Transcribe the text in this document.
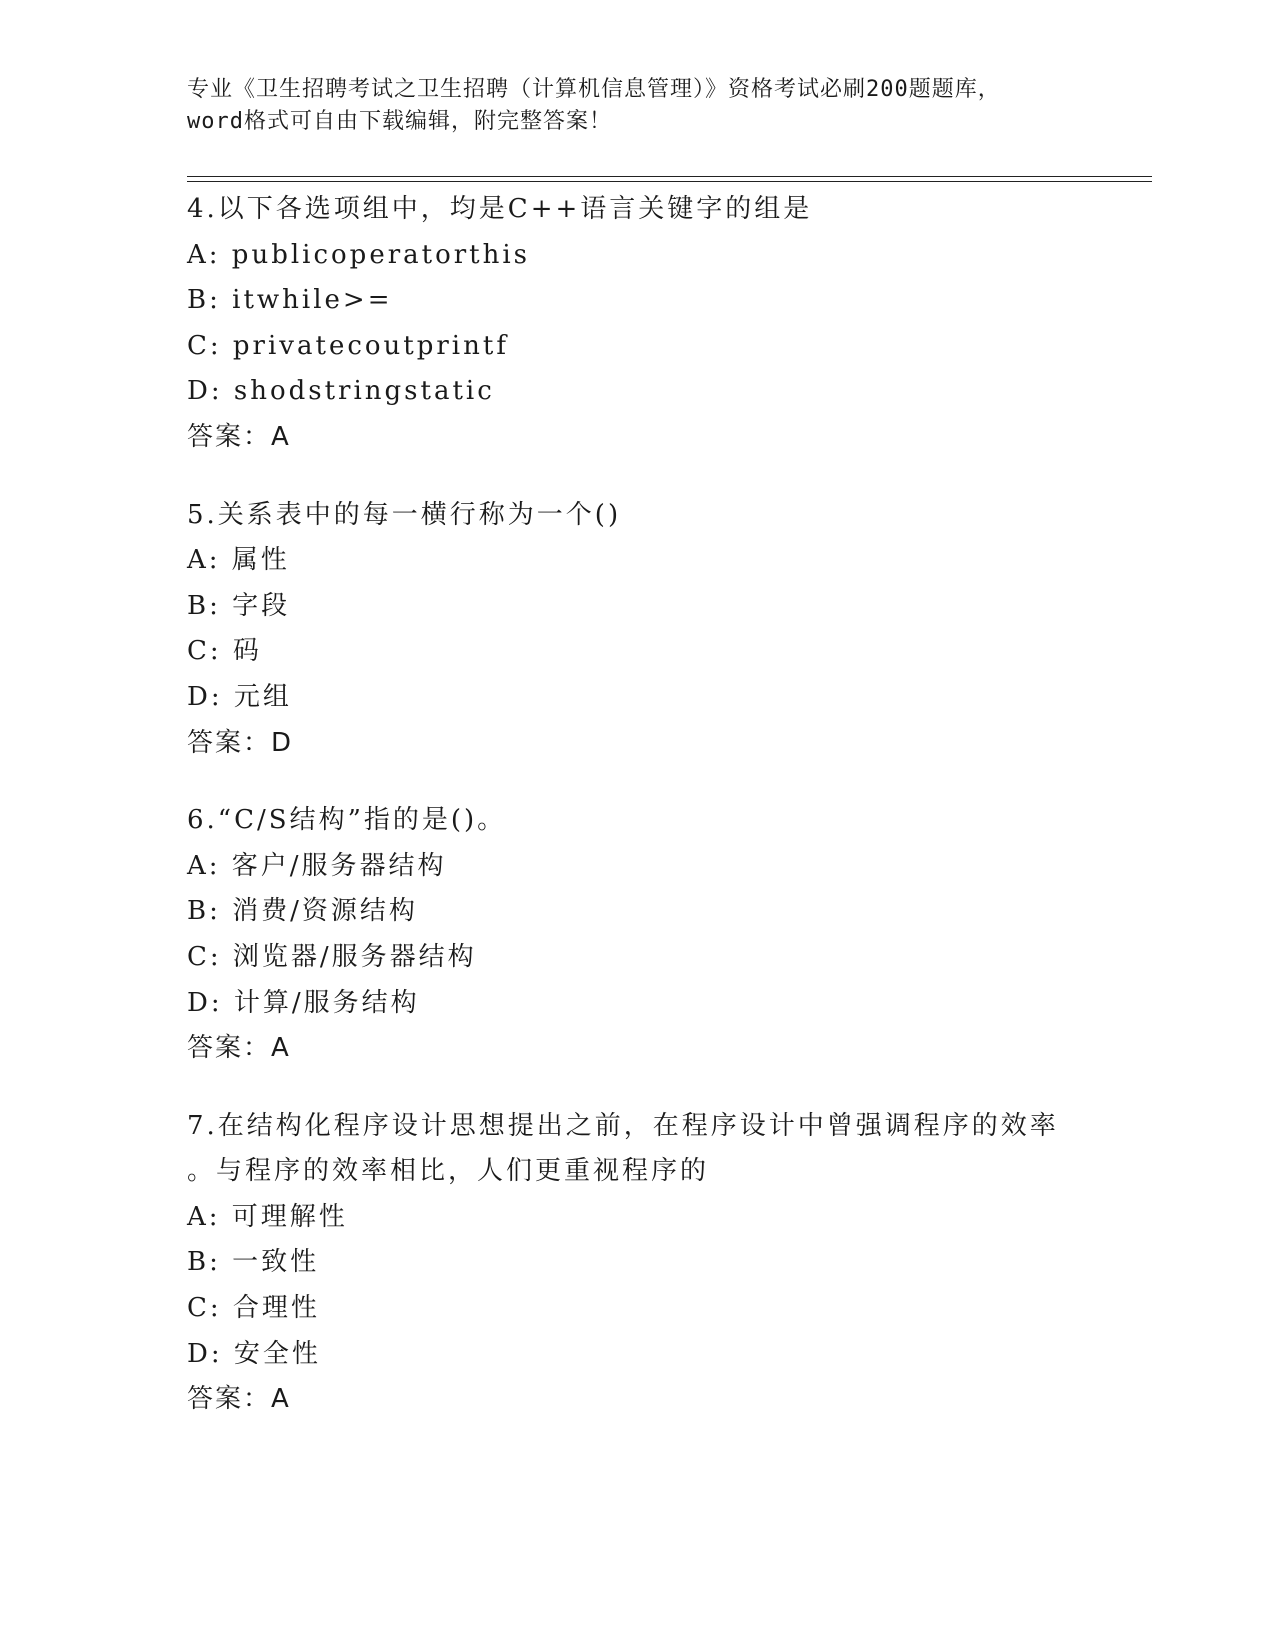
专业《卫生招聘考试之卫生招聘（计算机信息管理）》资格考试必刷200题题库，
word格式可自由下载编辑，附完整答案！
4.以下各选项组中，均是C++语言关键字的组是
A: publicoperatorthis
B: itwhile>=
C: privatecoutprintf
D: shodstringstatic
答案：A
5.关系表中的每一横行称为一个()
A: 属性
B: 字段
C: 码
D: 元组
答案：D
6.“C/S结构”指的是()。
A: 客户/服务器结构
B: 消费/资源结构
C: 浏览器/服务器结构
D: 计算/服务结构
答案：A
7.在结构化程序设计思想提出之前，在程序设计中曾强调程序的效率
。与程序的效率相比，人们更重视程序的
A: 可理解性
B: 一致性
C: 合理性
D: 安全性
答案：A
